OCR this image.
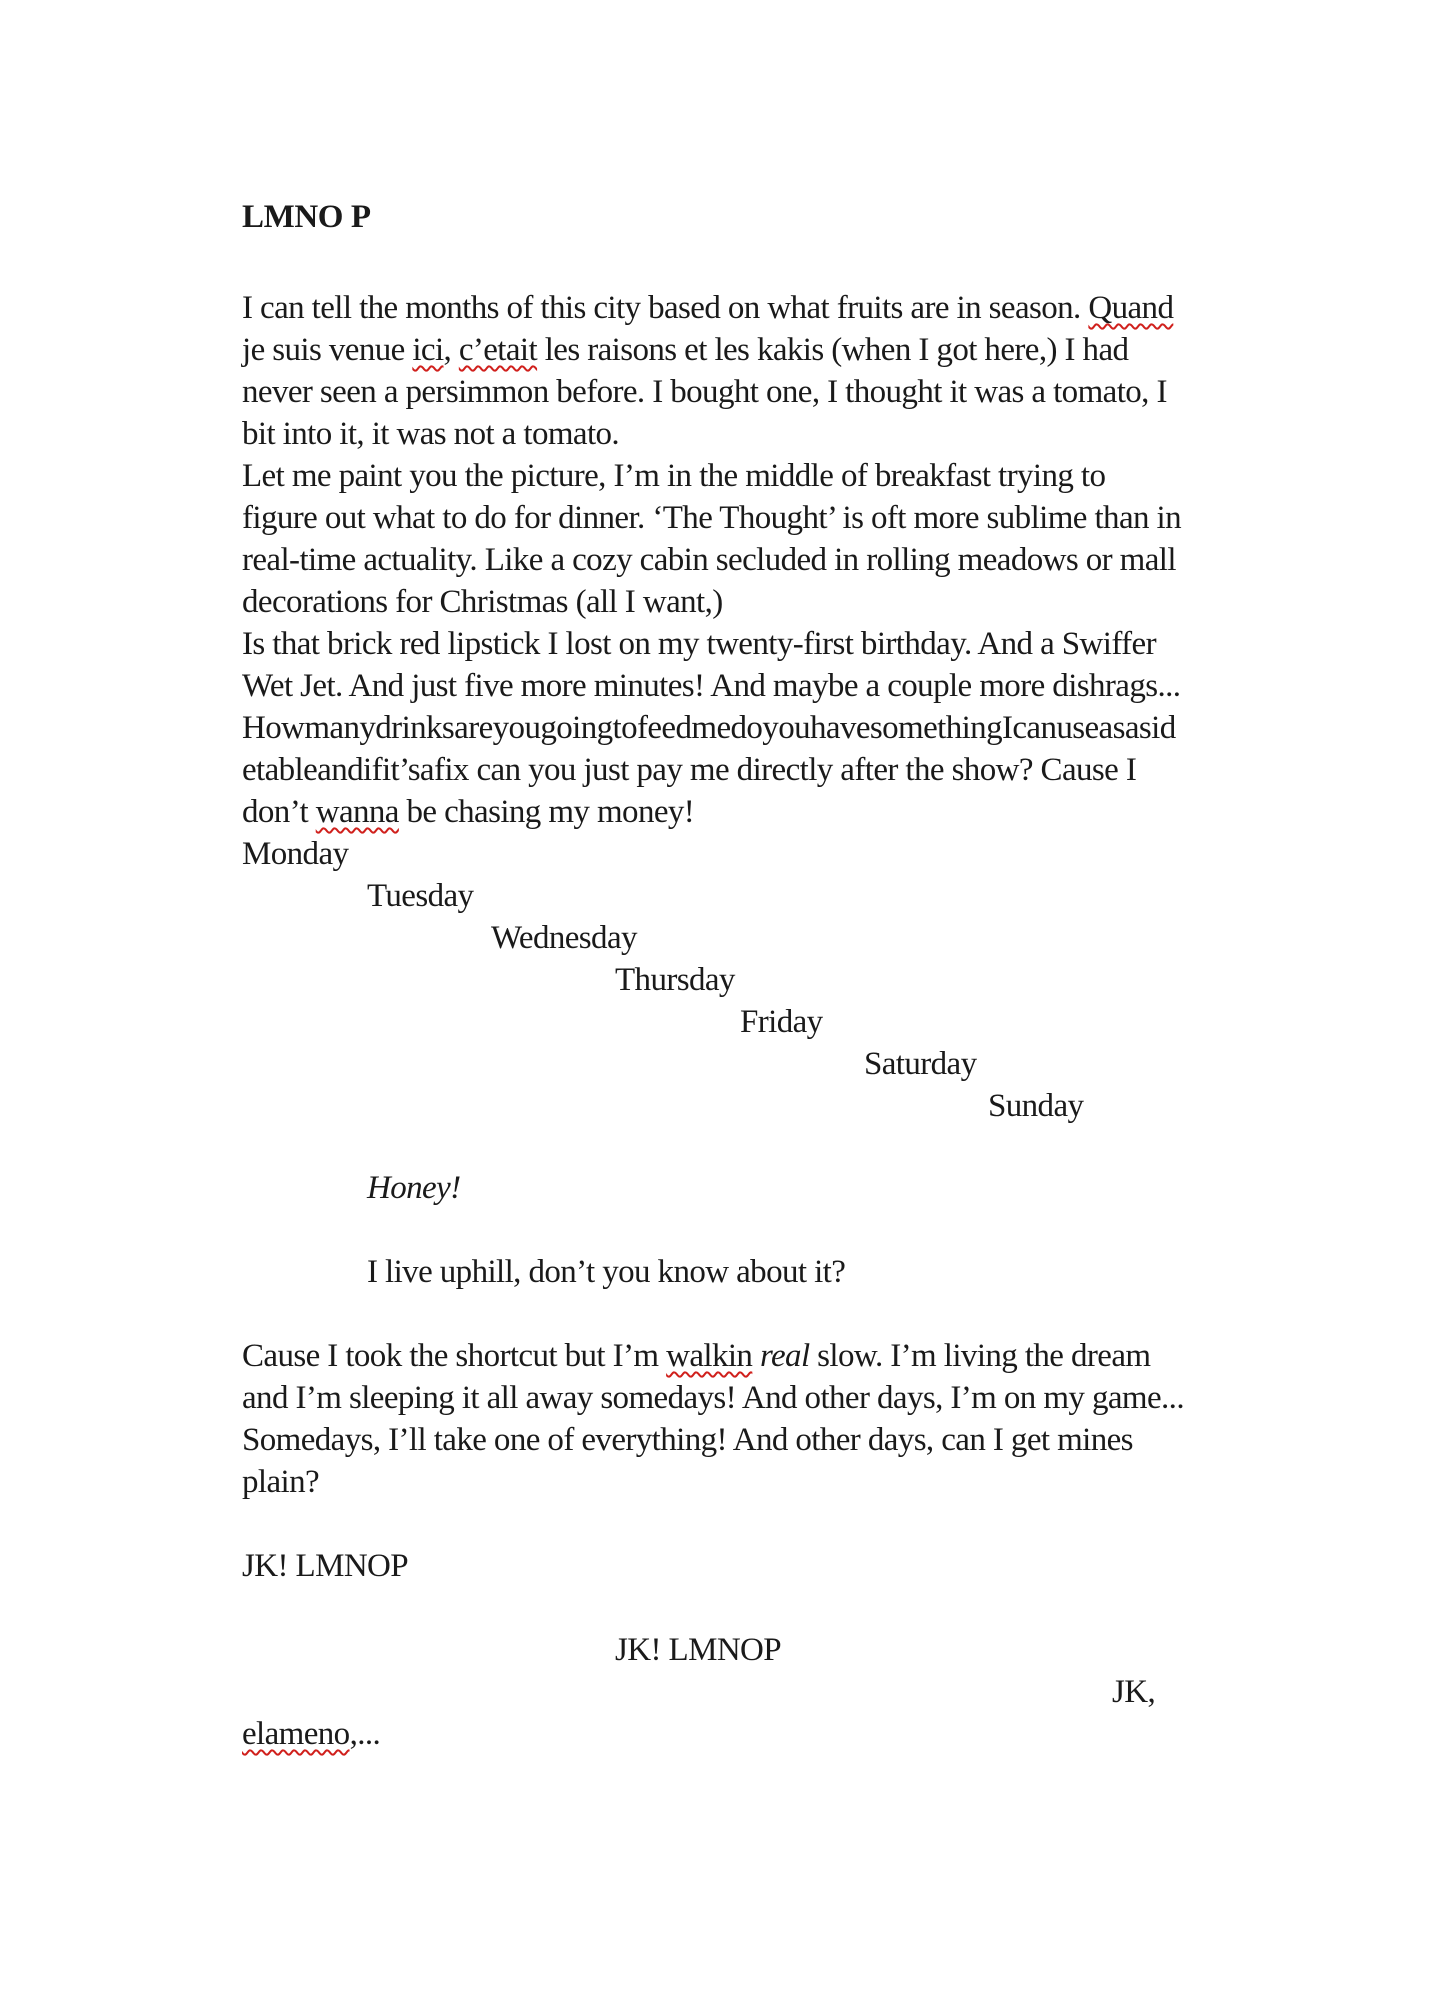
LMNO P
I can tell the months of this city based on what fruits are in season. Quand
je suis venue ici, c’etait les raisons et les kakis (when I got here,) I had
never seen a persimmon before. I bought one, I thought it was a tomato, I
bit into it, it was not a tomato.
Let me paint you the picture, I’m in the middle of breakfast trying to
figure out what to do for dinner. ‘The Thought’ is oft more sublime than in
real-time actuality. Like a cozy cabin secluded in rolling meadows or mall
decorations for Christmas (all I want,)
Is that brick red lipstick I lost on my twenty-first birthday. And a Swiffer
Wet Jet. And just five more minutes! And maybe a couple more dishrags...
HowmanydrinksareyougoingtofeedmedoyouhavesomethingIcanuseasasid
etableandifit’safix can you just pay me directly after the show? Cause I
don’t wanna be chasing my money!
Monday
Tuesday
Wednesday
Thursday
Friday
Saturday
Sunday
Honey!
I live uphill, don’t you know about it?
Cause I took the shortcut but I’m walkin real slow. I’m living the dream
and I’m sleeping it all away somedays! And other days, I’m on my game...
Somedays, I’ll take one of everything! And other days, can I get mines
plain?
JK! LMNOP
JK! LMNOP
JK,
elameno,...
